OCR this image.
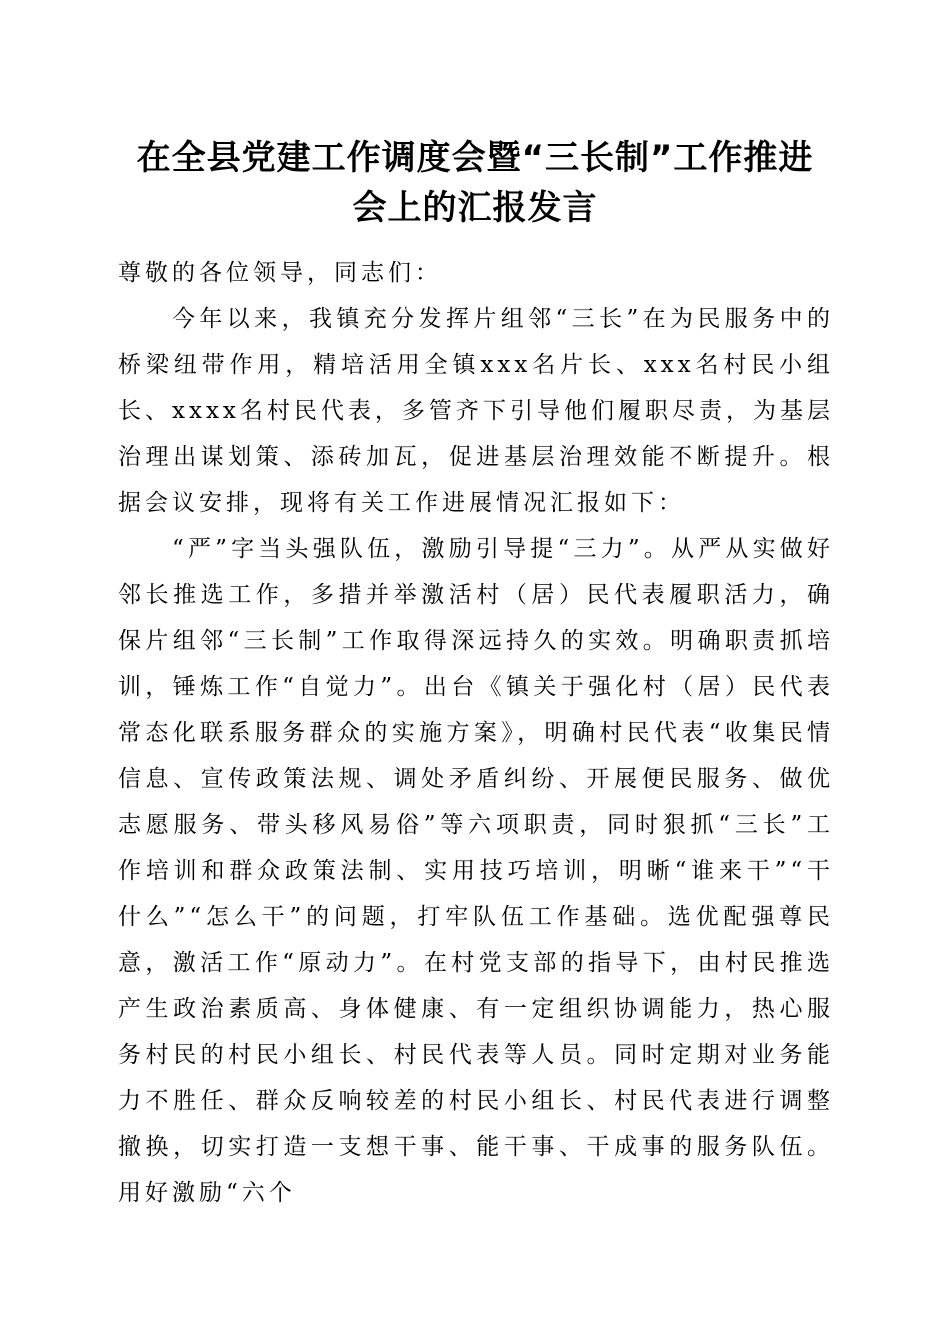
在全县党建工作调度会暨“三长制”工作推进
会上的汇报发言

尊敬的各位领导，同志们：

今年以来，我镇充分发挥片组邻“三长”在为民服务中的桥梁纽带作用，精培活用全镇xxx名片长、xxx名村民小组长、xxxx名村民代表，多管齐下引导他们履职尽责，为基层治理出谋划策、添砖加瓦，促进基层治理效能不断提升。根据会议安排，现将有关工作进展情况汇报如下：

“严”字当头强队伍，激励引导提“三力”。从严从实做好邻长推选工作，多措并举激活村（居）民代表履职活力，确保片组邻“三长制”工作取得深远持久的实效。明确职责抓培训，锤炼工作“自觉力”。出台《镇关于强化村（居）民代表常态化联系服务群众的实施方案》，明确村民代表“收集民情信息、宣传政策法规、调处矛盾纠纷、开展便民服务、做优志愿服务、带头移风易俗”等六项职责，同时狠抓“三长”工作培训和群众政策法制、实用技巧培训，明晰“谁来干”“干什么”“怎么干”的问题，打牢队伍工作基础。选优配强尊民意，激活工作“原动力”。在村党支部的指导下，由村民推选产生政治素质高、身体健康、有一定组织协调能力，热心服务村民的村民小组长、村民代表等人员。同时定期对业务能力不胜任、群众反响较差的村民小组长、村民代表进行调整撤换，切实打造一支想干事、能干事、干成事的服务队伍。用好激励“六个
